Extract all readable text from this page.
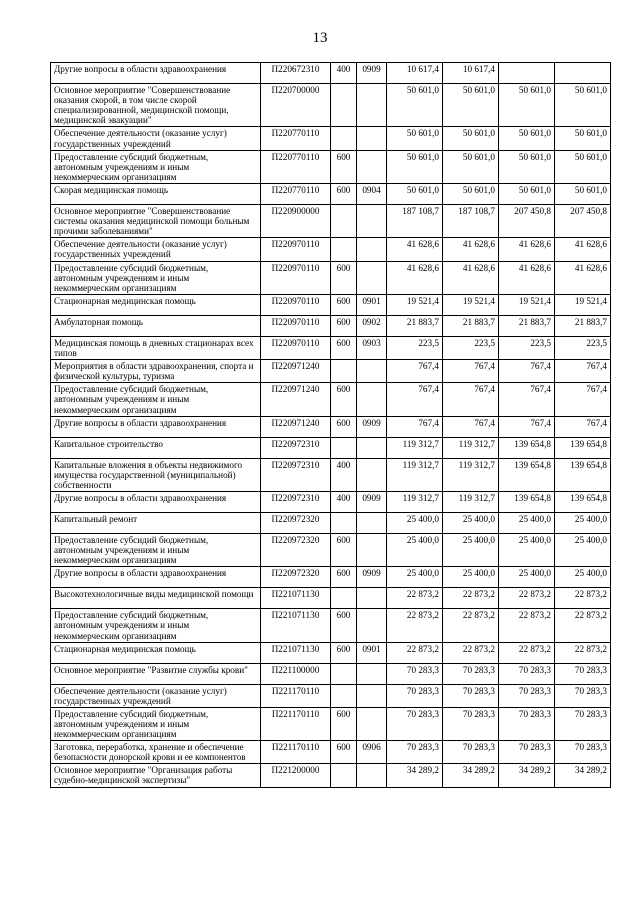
13
Другие вопросы в области здравоохранения	П220672310	400	0909	10 617,4	10 617,4		
Основное мероприятие "Совершенствование оказания скорой, в том числе скорой специализированной, медицинской помощи, медицинской эвакуации"	П220700000			50 601,0	50 601,0	50 601,0	50 601,0
Обеспечение деятельности (оказание услуг) государственных учреждений	П220770110			50 601,0	50 601,0	50 601,0	50 601,0
Предоставление субсидий бюджетным, автономным учреждениям и иным некоммерческим организациям	П220770110	600		50 601,0	50 601,0	50 601,0	50 601,0
Скорая медицинская помощь	П220770110	600	0904	50 601,0	50 601,0	50 601,0	50 601,0
Основное мероприятие "Совершенствование системы оказания медицинской помощи больным прочими заболеваниями"	П220900000			187 108,7	187 108,7	207 450,8	207 450,8
Обеспечение деятельности (оказание услуг) государственных учреждений	П220970110			41 628,6	41 628,6	41 628,6	41 628,6
Предоставление субсидий бюджетным, автономным учреждениям и иным некоммерческим организациям	П220970110	600		41 628,6	41 628,6	41 628,6	41 628,6
Стационарная медицинская помощь	П220970110	600	0901	19 521,4	19 521,4	19 521,4	19 521,4
Амбулаторная помощь	П220970110	600	0902	21 883,7	21 883,7	21 883,7	21 883,7
Медицинская помощь в дневных стационарах всех типов	П220970110	600	0903	223,5	223,5	223,5	223,5
Мероприятия в области здравоохранения, спорта и физической культуры, туризма	П220971240			767,4	767,4	767,4	767,4
Предоставление субсидий бюджетным, автономным учреждениям и иным некоммерческим организациям	П220971240	600		767,4	767,4	767,4	767,4
Другие вопросы в области здравоохранения	П220971240	600	0909	767,4	767,4	767,4	767,4
Капитальное строительство	П220972310			119 312,7	119 312,7	139 654,8	139 654,8
Капитальные вложения в объекты недвижимого имущества государственной (муниципальной) собственности	П220972310	400		119 312,7	119 312,7	139 654,8	139 654,8
Другие вопросы в области здравоохранения	П220972310	400	0909	119 312,7	119 312,7	139 654,8	139 654,8
Капитальный ремонт	П220972320			25 400,0	25 400,0	25 400,0	25 400,0
Предоставление субсидий бюджетным, автономным учреждениям и иным некоммерческим организациям	П220972320	600		25 400,0	25 400,0	25 400,0	25 400,0
Другие вопросы в области здравоохранения	П220972320	600	0909	25 400,0	25 400,0	25 400,0	25 400,0
Высокотехнологичные виды медицинской помощи	П221071130			22 873,2	22 873,2	22 873,2	22 873,2
Предоставление субсидий бюджетным, автономным учреждениям и иным некоммерческим организациям	П221071130	600		22 873,2	22 873,2	22 873,2	22 873,2
Стационарная медицинская помощь	П221071130	600	0901	22 873,2	22 873,2	22 873,2	22 873,2
Основное мероприятие "Развитие службы крови"	П221100000			70 283,3	70 283,3	70 283,3	70 283,3
Обеспечение деятельности (оказание услуг) государственных учреждений	П221170110			70 283,3	70 283,3	70 283,3	70 283,3
Предоставление субсидий бюджетным, автономным учреждениям и иным некоммерческим организациям	П221170110	600		70 283,3	70 283,3	70 283,3	70 283,3
Заготовка, переработка, хранение и обеспечение безопасности донорской крови и ее компонентов	П221170110	600	0906	70 283,3	70 283,3	70 283,3	70 283,3
Основное мероприятие "Организация работы судебно-медицинской экспертизы"	П221200000			34 289,2	34 289,2	34 289,2	34 289,2
